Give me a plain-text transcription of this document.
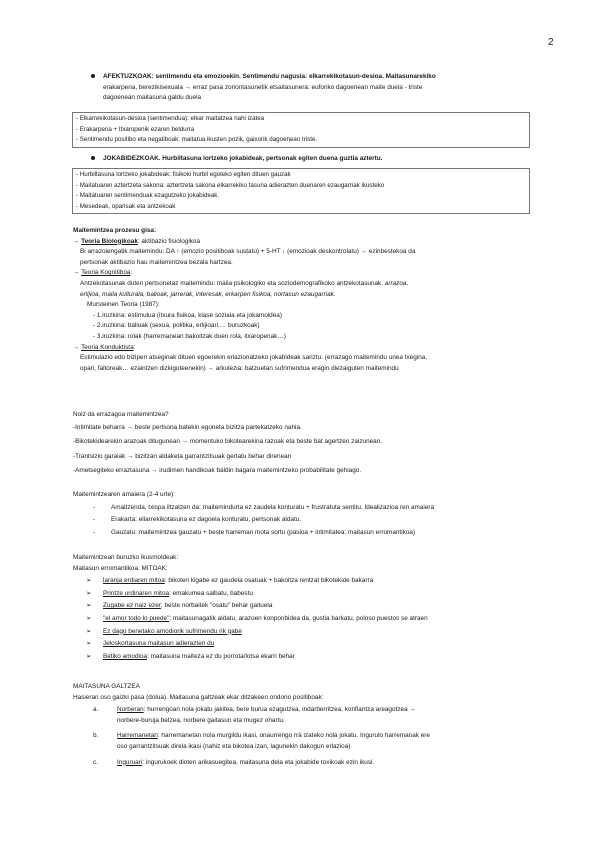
2
AFEKTUZKOAK: sentimendu eta emozioekin. Sentimendu nagusia: elkarrekikotasun-desioa. Maitasunarekiko
erakarpena, berezikisexuala → erraz pasa zoriontasunetik etsaitasunera: euforiko dagoenean maite duela - triste
dagoenean maitasuna galdu duela
- Elkarrekikotasun-desioa (sentimendua): elkar maitatzea nahi izatea
- Erakarpena + Itxaropenik ezaren beldurra
- Sentimendu positibo eta negatiboak: maitatua ikusten pozik, gaixorik dagoenean triste.
JOKABIDEZKOAK. Hurbiltasuna lortzeko jokabideak, pertsonak egiten duena guztia aztertu.
- Hurbiltasuna lortzeko jokabideak: fisikoki hurbil egoteko egiten dituen gauzak
- Maitatuaren aztertzeta sakona: aztertzeta sakona elkarrekiko tasuna adierazten duenaren ezaugarriak ikusteko
- Maitatuaren sentimenduak ezagutzeko jokabideak.
- Mesedeak, oparisak eta antzekoak
Maitemintzea prozesu gisa:
→ Teoria Biologikoak: aktibazio fisiologikoa
Bi arrazoiengatik maitemindu: DA ↑ (emozio positiboak sustatu) + 5-HT ↓ (emozioak deskontrolatu) → ezinbestekoa da
pertsonak aktibazio hau maitemintzea bezala hartzea.
→ Teoria Kognitiboa:
Antzekotasunak duten pertsonetaz maitemindu: maila psikologiko eta soziodemografikoko antzekotasunak. arrazoa,
erlijioa, maila kulturala, balioak, jarrerak, interesak, erkarpen fisikoa, nortasun ezaugarriak.
Mursteinen Teoria (1987):
- 1.iruzkina: estimulua (itxura fisikoa, klase soziala eta jokamoldea)
- 2.iruzkina: balioak (sexua, politika, erlijioari.… buruzkoak)
- 3.iruzkina: rolak (harremanean bakoitzak duen rola, itxaropenak…)
→ Teoria Konduktista:
Estimulazio edo bizipen atseginak dituen egoerekin erlazionatzeko jokabideak sariztu. (errazago maitemindu unea txegina,
opari, faltoreak… ezaintzen dizkiguteenekin) → arkulezia: batzuetan sufrimendua eragin diezaiguten maitemindu
Noiz da errazagoa maitemintzea?
-Intimitate beharra → beste pertsona batekin egoneta bizitza partekatzeko nahia.
-Bikotekidearekin arazoak ditugunean → momentuko bikotearekina razoak eta beste bat agertzen zaizunean.
-Trantsizio garaiak → bizitzan aldaketa garrantzitsuak gertatu behar direnean
-Ametsegiteko erraztasuna → irudimen handikoak baldin bagara maitemintzeko probabilitate gehiago.
Maitemintzearen amaiera (2-4 urte):
- Amaitzenda, txispa iltzatzen da: maitemindurta ez zaudela konturatu + frustratuta sentitu. Idealizazioa ren amaiera
- Erakarta: ellarrekikotasuna ez dagoela konturatu, pertsonak aldatu.
- Gauzatu: maitemintzea gauzatu + beste harreman mota sortu (pasioa + intimitatea: maitasun erromantikoa)
Maitemintzeari buruzko ikusmoldeak:
Maitasun erromantikoa. MITOAK:
➢ laranja erdiaren mitoa: bikoteri kigabe ez gaudela osatuak + bakoitza rentzat bikotekide bakarra
➢ Printze urdinaren mitoa: emakumea salbatu, babestu
➢ Zugabe ez naiz ezer: beste norbaitek "osatu" behar gaituela
➢ "el amor todo lo puede": maitasunagatik aldatu, arazoen konponbidea da, gustia barkatu, poloso puestos se atraen
➢ Ez dago benetako amodiorik sufrimendu rik gabe
➢ Jeloskortasuna maitasun adierazten du
➢ Betiko amodioa: maitasuna maiteza ez du porrota/lotsa ekarri behar
MAITASUNA GALTZEA
Hasieran oso gaizki pasa (dolua). Maitasuna galtzeak ekar ditzakeen ondorio positiboak:
a.	Norberan: hurrengoan nola jokatu jakitea, bere burua ezagutzea, indarberritzea, konfiantza areagotzea →
norbere-buruja betzea, norbere gaitasun eta mugez ohartu.
b.	Harremanetan: harremanetan nola murgildu ikasi, onaurrengo rrà izateko nola jokatu. Ingurulo harremanak ere
oso garrantzitsuak direla ikasi (nahiz eta bikotea izan, lagunekin dakogun erlazioa)
c.	Inguruari: ingurukoek dioten arikasuegitea, maitasuna dela eta jokabide toxikoak ezin ikusi.
